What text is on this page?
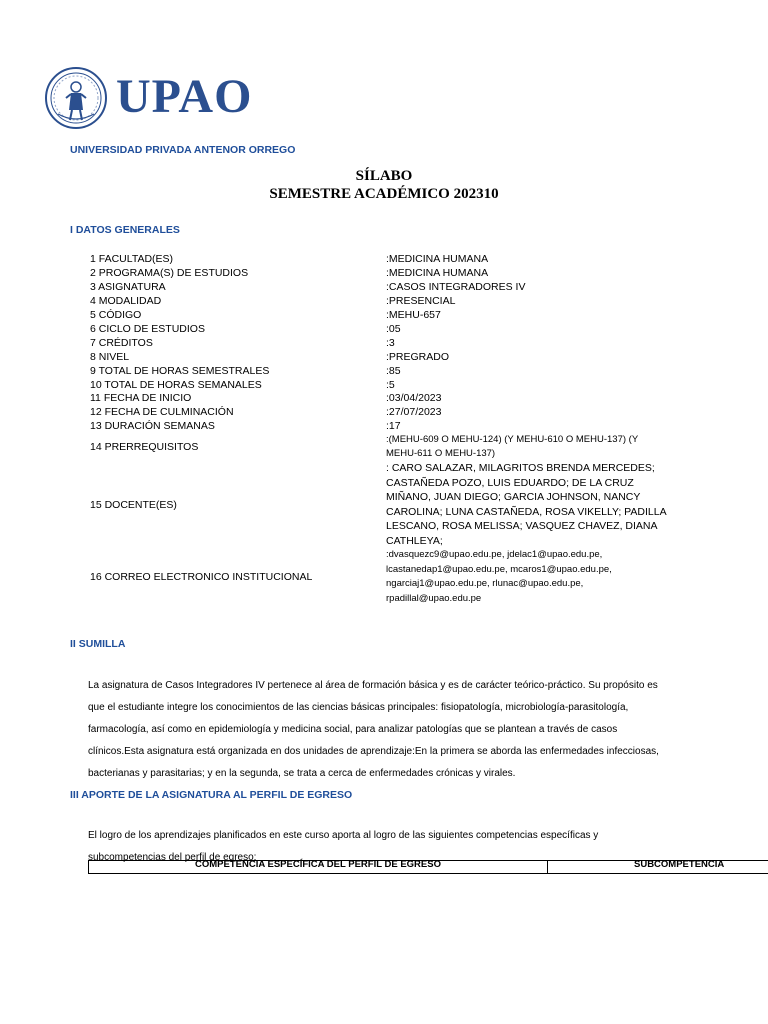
UPAO
UNIVERSIDAD PRIVADA ANTENOR ORREGO
SÍLABO
SEMESTRE ACADÉMICO 202310
I DATOS GENERALES
1 FACULTAD(ES)	:MEDICINA HUMANA
2 PROGRAMA(S) DE ESTUDIOS	:MEDICINA HUMANA
3 ASIGNATURA	:CASOS INTEGRADORES IV
4 MODALIDAD	:PRESENCIAL
5 CÓDIGO	:MEHU-657
6 CICLO DE ESTUDIOS	:05
7 CRÉDITOS	:3
8 NIVEL	:PREGRADO
9 TOTAL DE HORAS SEMESTRALES	:85
10 TOTAL DE HORAS SEMANALES	:5
11 FECHA DE INICIO	:03/04/2023
12 FECHA DE CULMINACIÓN	:27/07/2023
13 DURACIÓN SEMANAS	:17
14 PRERREQUISITOS
:(MEHU-609 O MEHU-124) (Y MEHU-610 O MEHU-137) (Y
MEHU-611 O MEHU-137)
15 DOCENTE(ES)
: CARO SALAZAR, MILAGRITOS BRENDA MERCEDES;
CASTAÑEDA POZO, LUIS EDUARDO; DE LA CRUZ
MIÑANO, JUAN DIEGO; GARCIA JOHNSON, NANCY
CAROLINA; LUNA CASTAÑEDA, ROSA VIKELLY; PADILLA
LESCANO, ROSA MELISSA; VASQUEZ CHAVEZ, DIANA
CATHLEYA;
16 CORREO ELECTRONICO INSTITUCIONAL
:dvasquezc9@upao.edu.pe, jdelac1@upao.edu.pe,
lcastanedap1@upao.edu.pe, mcaros1@upao.edu.pe,
ngarciaj1@upao.edu.pe, rlunac@upao.edu.pe,
rpadillal@upao.edu.pe
II SUMILLA
La asignatura de Casos Integradores IV pertenece al área de formación básica y es de carácter teórico-práctico. Su propósito es
que el estudiante integre los conocimientos de las ciencias básicas principales: fisiopatología, microbiología-parasitología,
farmacología, así como en epidemiología y medicina social, para analizar patologías que se plantean a través de casos
clínicos.Esta asignatura está organizada en dos unidades de aprendizaje:En la primera se aborda las enfermedades infecciosas,
bacterianas y parasitarias; y en la segunda, se trata a cerca de enfermedades crónicas y virales.
III APORTE DE LA ASIGNATURA AL PERFIL DE EGRESO
El logro de los aprendizajes planificados en este curso aporta al logro de las siguientes competencias específicas y
subcompetencias del perfil de egreso:
COMPETENCIA ESPECÍFICA DEL PERFIL DE EGRESO	SUBCOMPETENCIA
